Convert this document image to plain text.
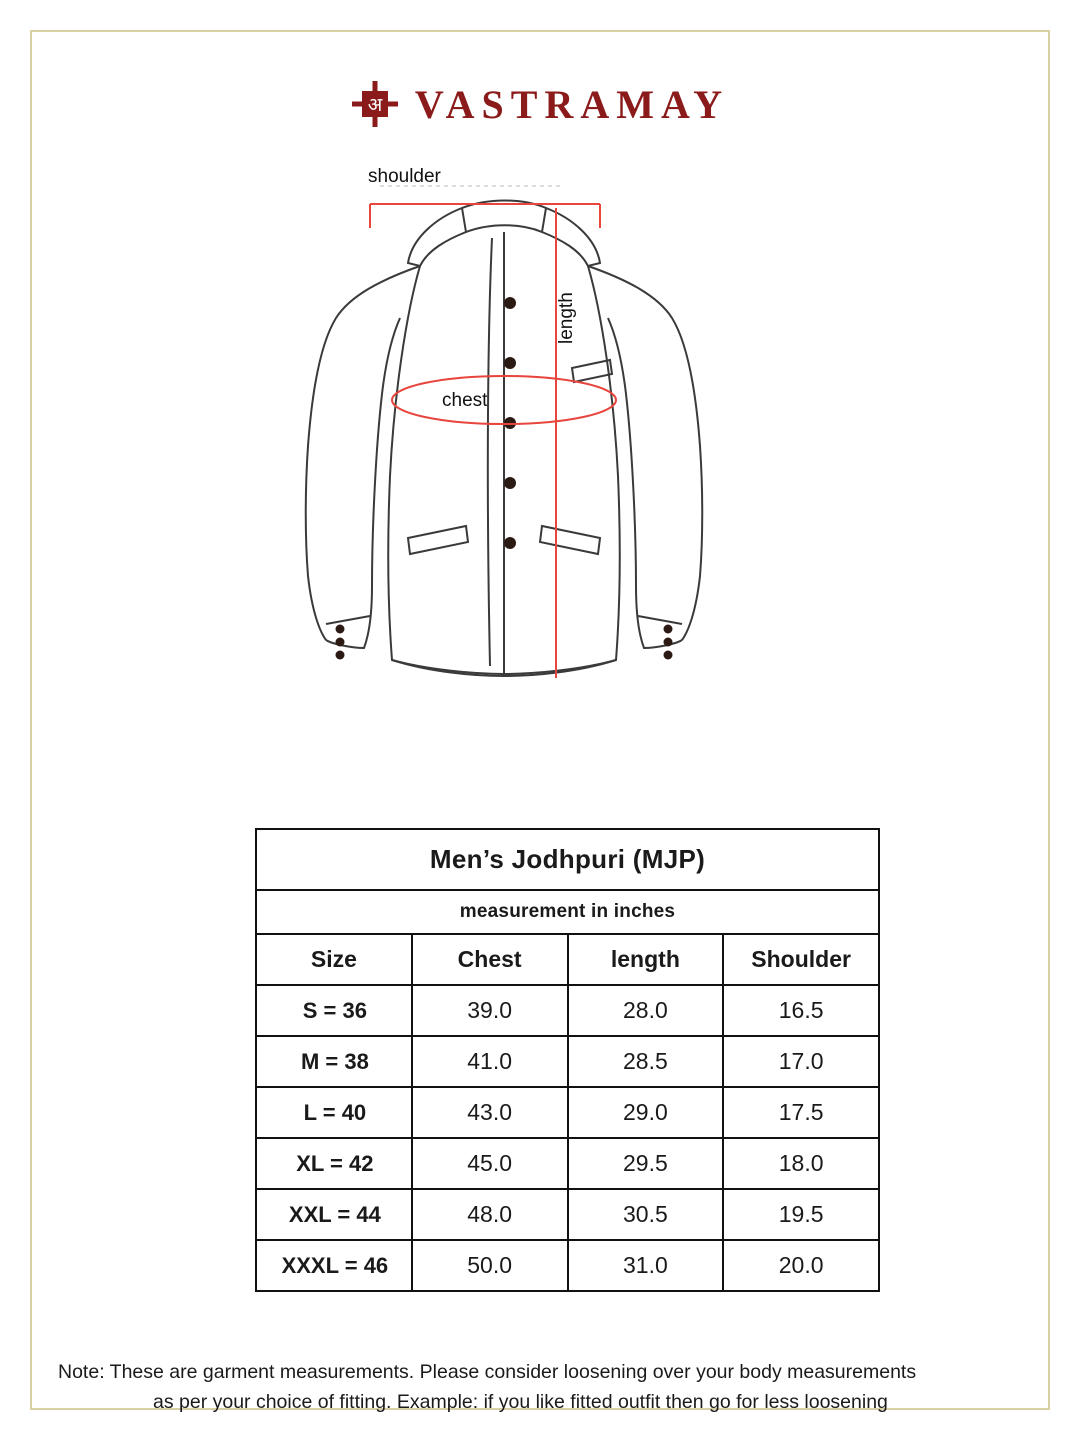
अ VASTRAMAY
shoulder
chest
length
Men’s Jodhpuri (MJP)			
measurement in inches			
Size	Chest	length	Shoulder
S = 36	39.0	28.0	16.5
M = 38	41.0	28.5	17.0
L = 40	43.0	29.0	17.5
XL = 42	45.0	29.5	18.0
XXL = 44	48.0	30.5	19.5
XXXL = 46	50.0	31.0	20.0
Note: These are garment measurements. Please consider loosening over your body measurements
as per your choice of fitting. Example: if you like fitted outfit then go for less loosening
